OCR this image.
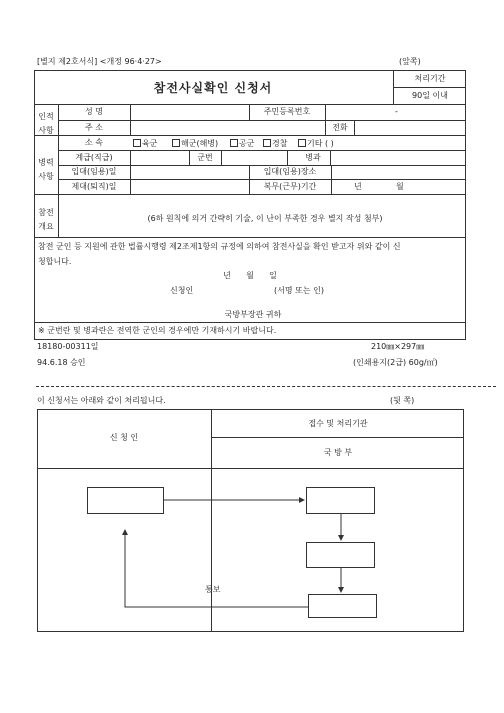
[별지 제2호서식] <개정 96·4·27>	(앞쪽)
참전사실확인 신청서
처리기간
90일 이내
인적 사항
성 명	주민등록번호	-
주 소	전화
병력 사항
소 속	육군	해군(해병)	공군	경찰	기타 ( )
계급(직급)	군번	병과
입대(임용)일	입대(임용)장소
제대(퇴직)일	복무(근무)기간	년	월
참전 개요
(6하 원칙에 의거 간략히 기술, 이 난이 부족한 경우 별지 작성 첨부)
참전 군인 등 지원에 관한 법률시행령 제2조제1항의 규정에 의하여 참전사실을 확인 받고자 위와 같이 신
청합니다.
년      월      일
신청인	(서명 또는 인)
국방부장관 귀하
※ 군번란 및 병과란은 전역한 군인의 경우에만 기재하시기 바랍니다.
18180-00311일	210㎜×297㎜
94.6.18 승인	(인쇄용지(2급) 60g/㎡)
이 신청서는 아래와 같이 처리됩니다.	(뒷 쪽)
신 청 인
접수 및 처리기관
국 방 부
통보
